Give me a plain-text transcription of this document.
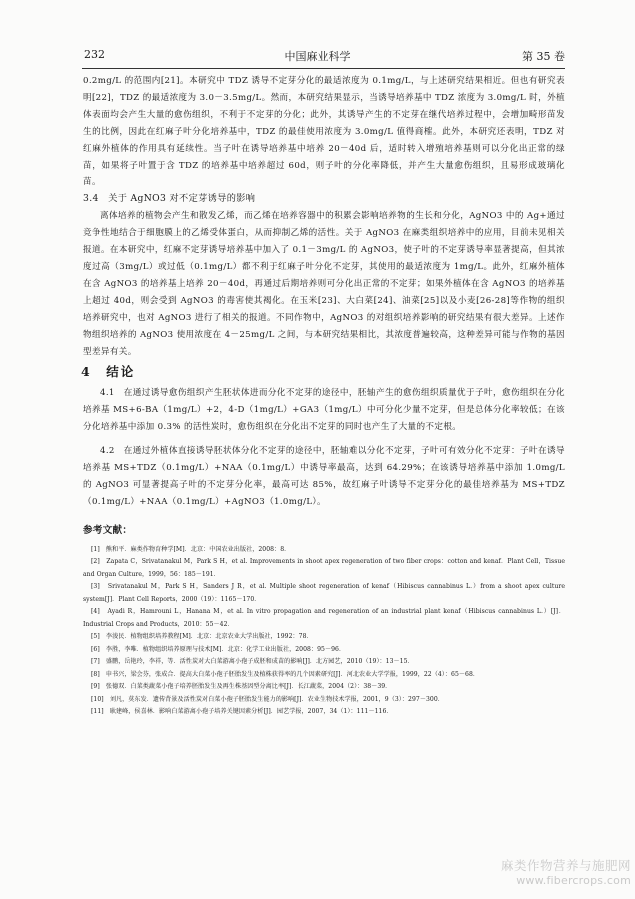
232	中国麻业科学	第 35 卷

0.2mg/L 的范围内[21]。本研究中 TDZ 诱导不定芽分化的最适浓度为 0.1mg/L，与上述研究结果相近。但也有研究表明[22]，TDZ 的最适浓度为 3.0－3.5mg/L。然而，本研究结果显示，当诱导培养基中 TDZ 浓度为 3.0mg/L 时，外植体表面均会产生大量的愈伤组织，不利于不定芽的分化；此外，其诱导产生的不定芽在继代培养过程中，会增加畸形苗发生的比例，因此在红麻子叶分化培养基中，TDZ 的最佳使用浓度为 3.0mg/L 值得商榷。此外，本研究还表明，TDZ 对红麻外植体的作用具有延续性。当子叶在诱导培养基中培养 20－40d 后，适时转入增殖培养基则可以分化出正常的绿苗，如果将子叶置于含 TDZ 的培养基中培养超过 60d，则子叶的分化率降低，并产生大量愈伤组织，且易形成玻璃化苗。

3.4　关于 AgNO3 对不定芽诱导的影响

离体培养的植物会产生和散发乙烯，而乙烯在培养容器中的积累会影响培养物的生长和分化，AgNO3 中的 Ag+通过竞争性地结合于细胞膜上的乙烯受体蛋白，从而抑制乙烯的活性。关于 AgNO3 在麻类组织培养中的应用，目前未见相关报道。在本研究中，红麻不定芽诱导培养基中加入了 0.1－3mg/L 的 AgNO3，使子叶的不定芽诱导率显著提高，但其浓度过高（3mg/L）或过低（0.1mg/L）都不利于红麻子叶分化不定芽，其使用的最适浓度为 1mg/L。此外，红麻外植体在含 AgNO3 的培养基上培养 20－40d，再通过后期培养则可分化出正常的不定芽；如果外植体在含 AgNO3 的培养基上超过 40d，则会受到 AgNO3 的毒害使其褐化。在玉米[23]、大白菜[24]、油菜[25]以及小麦[26-28]等作物的组织培养研究中，也对 AgNO3 进行了相关的报道。不同作物中，AgNO3 的对组织培养影响的研究结果有很大差异。上述作物组织培养的 AgNO3 使用浓度在 4－25mg/L 之间，与本研究结果相比，其浓度普遍较高，这种差异可能与作物的基因型差异有关。

4　结论

4.1　在通过诱导愈伤组织产生胚状体进而分化不定芽的途径中，胚轴产生的愈伤组织质量优于子叶，愈伤组织在分化培养基 MS+6-BA（1mg/L）+2，4-D（1mg/L）+GA3（1mg/L）中可分化少量不定芽，但是总体分化率较低；在该分化培养基中添加 0.3% 的活性炭时，愈伤组织在分化出不定芽的同时也产生了大量的不定根。

4.2　在通过外植体直接诱导胚状体分化不定芽的途径中，胚轴难以分化不定芽，子叶可有效分化不定芽：子叶在诱导培养基 MS+TDZ（0.1mg/L）+NAA（0.1mg/L）中诱导率最高，达到 64.29%；在该诱导培养基中添加 1.0mg/L 的 AgNO3 可显著提高子叶的不定芽分化率，最高可达 85%，故红麻子叶诱导不定芽分化的最佳培养基为 MS+TDZ（0.1mg/L）+NAA（0.1mg/L）+AgNO3（1.0mg/L）。

参考文献：
[1]　熊和平．麻类作物育种学[M]．北京：中国农业出版社，2008：8．
[2]　Zapata C，Srivatanakul M，Park S H，et al. Improvements in shoot apex regeneration of two fiber crops：cotton and kenaf．Plant Cell，Tissue and Organ Culture，1999，56：185－191．
[3]　Srivatanakul M，Park S H，Sanders J R，et al. Multiple shoot regeneration of kenaf（Hibiscus cannabinus L.）from a shoot apex culture system[J]．Plant Cell Reports，2000（19）：1165－170．
[4]　Ayadi R，Hamrouni L，Hanana M，et al. In vitro propagation and regeneration of an industrial plant kenaf（Hibiscus cannabinus L.）[J]．Industrial Crops and Products，2010：55－42．
[5]　李浚民．植物组织培养教程[M]．北京：北京农业大学出版社，1992：78．
[6]　李胜，李唯．植物组织培养原理与技术[M]．北京：化学工业出版社，2008：95－96．
[7]　盛鹏，岳艳玲，李祥，等．活性炭对大白菜游离小孢子成胚和成苗的影响[J]．北方园艺，2010（19）：13－15．
[8]　申书兴，梁会芬，张成合．提高大白菜小孢子胚胎发生及植株获得率的几个因素研究[J]．河北农业大学学报，1999，22（4）：65－68．
[9]　张德双．白菜类蔬菜小孢子培养胚胎发生及再生株基因型分离比率[J]．长江蔬菜，2004（2）：38－39．
[10]　刘凡，莫东发．遗传背景及活性炭对白菜小孢子胚胎发生能力的影响[J]．农业生物技术学报，2001，9（3）：297－300．
[11]　耿建峰，侯喜林．影响白菜游离小孢子培养关键因素分析[J]．园艺学报，2007，34（1）：111－116．
麻类作物营养与施肥网
www.fibercrops.com
